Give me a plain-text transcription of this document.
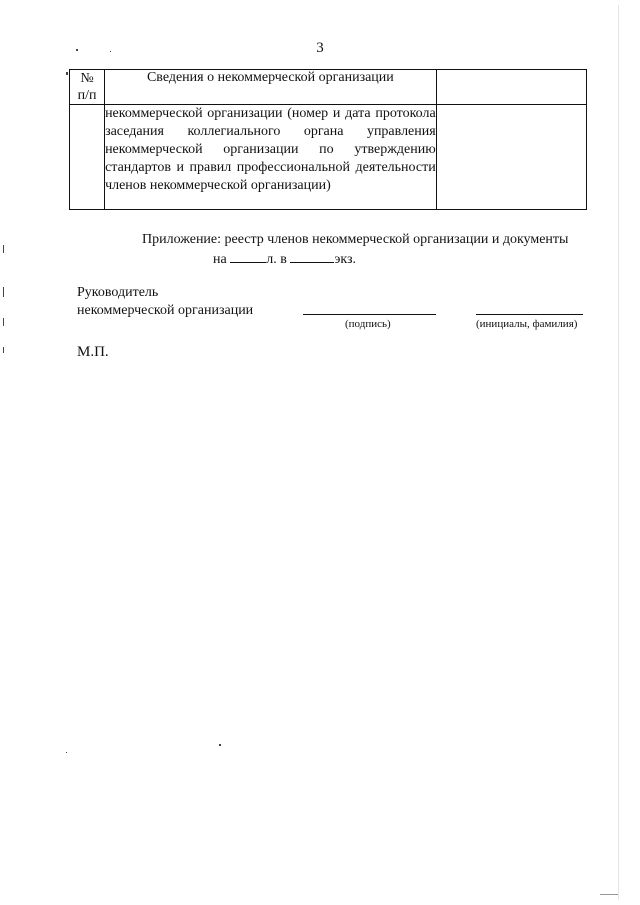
3
№
п/п	Сведения о некоммерческой организации	
	некоммерческой организации (номер и дата протокола заседания коллегиального органа управления некоммерческой организации по утверждению стандартов и правил профессиональной деятельности членов некоммерческой организации)	
Приложение: реестр членов некоммерческой организации и документы
на	л. в	экз.
Руководитель
некоммерческой организации
(подпись)	(инициалы, фамилия)
М.П.
